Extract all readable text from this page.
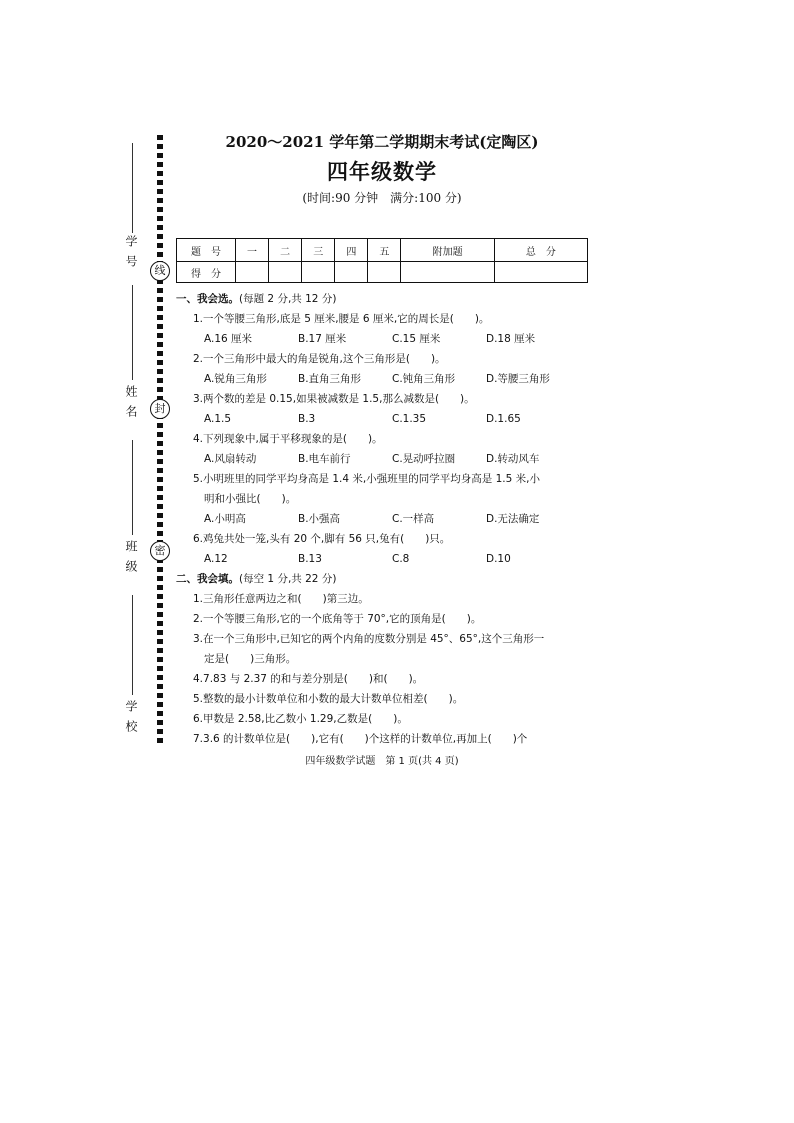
学号
姓名
班级
学校
线
封
密
2020～2021 学年第二学期期末考试(定陶区)
四年级数学
(时间:90 分钟　满分:100 分)
题　号	一	二	三	四	五	附加题	总　分
得　分							
一、我会选。(每题 2 分,共 12 分)
1.一个等腰三角形,底是 5 厘米,腰是 6 厘米,它的周长是(　　)。
A.16 厘米	B.17 厘米	C.15 厘米	D.18 厘米
2.一个三角形中最大的角是锐角,这个三角形是(　　)。
A.锐角三角形	B.直角三角形	C.钝角三角形	D.等腰三角形
3.两个数的差是 0.15,如果被减数是 1.5,那么减数是(　　)。
A.1.5	B.3	C.1.35	D.1.65
4.下列现象中,属于平移现象的是(　　)。
A.风扇转动	B.电车前行	C.晃动呼拉圈	D.转动风车
5.小明班里的同学平均身高是 1.4 米,小强班里的同学平均身高是 1.5 米,小
明和小强比(　　)。
A.小明高	B.小强高	C.一样高	D.无法确定
6.鸡兔共处一笼,头有 20 个,脚有 56 只,兔有(　　)只。
A.12	B.13	C.8	D.10
二、我会填。(每空 1 分,共 22 分)
1.三角形任意两边之和(　　)第三边。
2.一个等腰三角形,它的一个底角等于 70°,它的顶角是(　　)。
3.在一个三角形中,已知它的两个内角的度数分别是 45°、65°,这个三角形一
定是(　　)三角形。
4.7.83 与 2.37 的和与差分别是(　　)和(　　)。
5.整数的最小计数单位和小数的最大计数单位相差(　　)。
6.甲数是 2.58,比乙数小 1.29,乙数是(　　)。
7.3.6 的计数单位是(　　),它有(　　)个这样的计数单位,再加上(　　)个
四年级数学试题　第 1 页(共 4 页)
